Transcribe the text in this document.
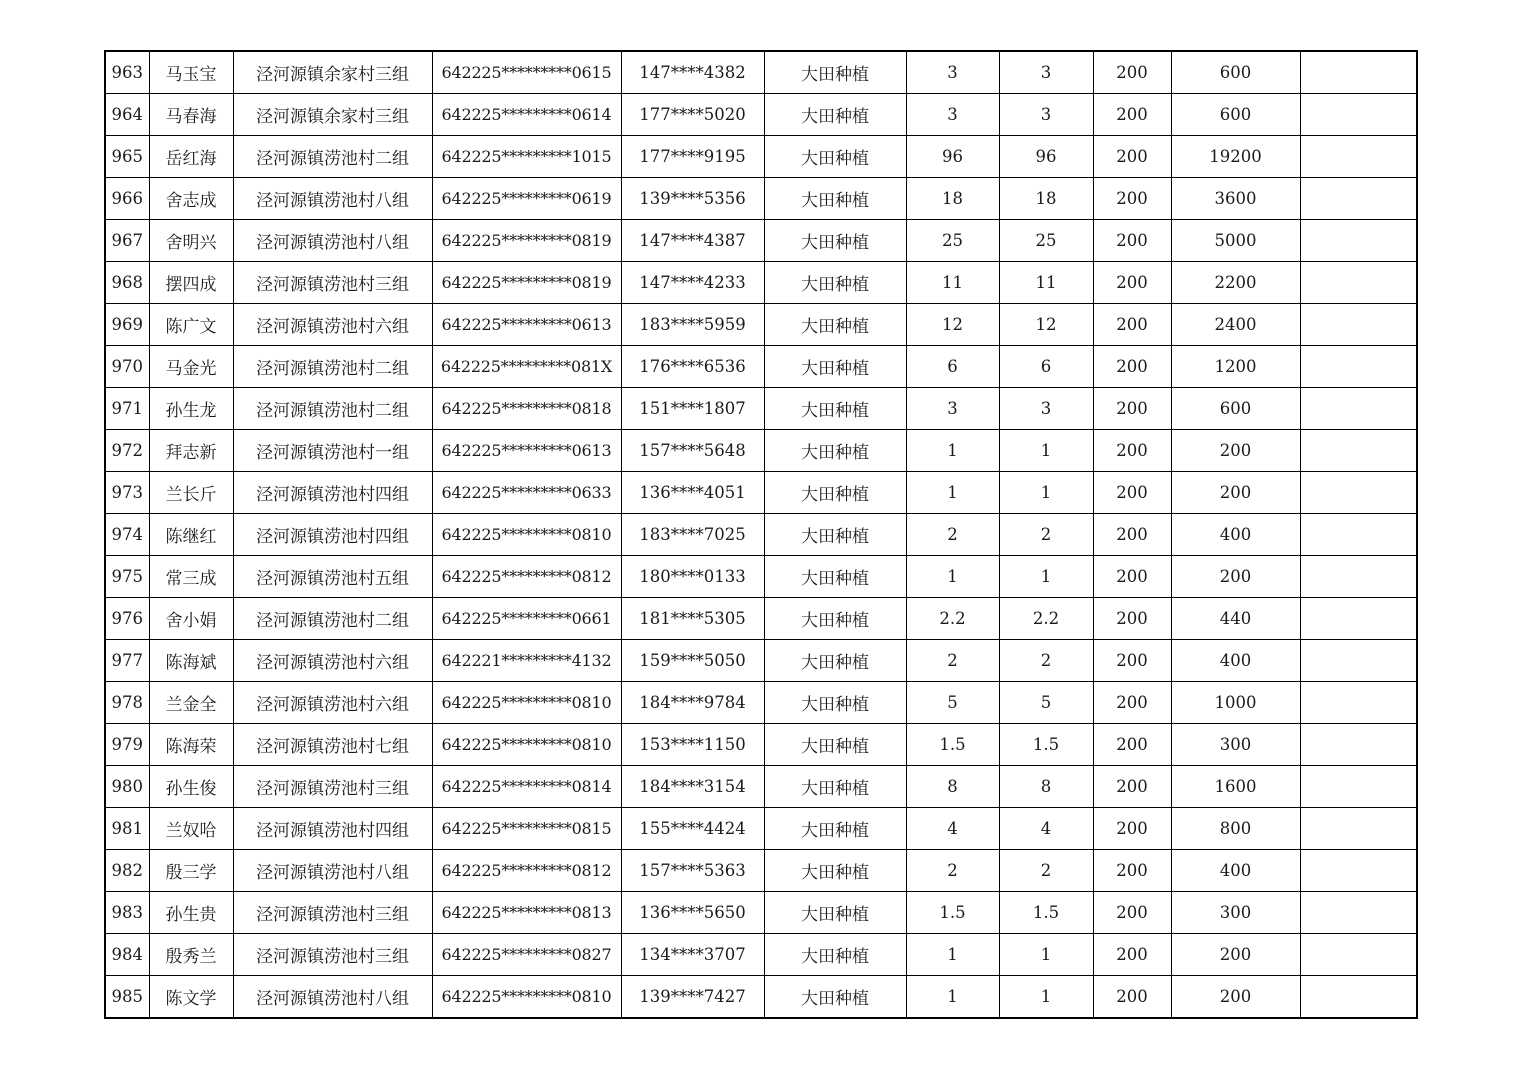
963	马玉宝	泾河源镇余家村三组	642225*********0615	147****4382	大田种植	3	3	200	600	
964	马春海	泾河源镇余家村三组	642225*********0614	177****5020	大田种植	3	3	200	600	
965	岳红海	泾河源镇涝池村二组	642225*********1015	177****9195	大田种植	96	96	200	19200	
966	舍志成	泾河源镇涝池村八组	642225*********0619	139****5356	大田种植	18	18	200	3600	
967	舍明兴	泾河源镇涝池村八组	642225*********0819	147****4387	大田种植	25	25	200	5000	
968	摆四成	泾河源镇涝池村三组	642225*********0819	147****4233	大田种植	11	11	200	2200	
969	陈广文	泾河源镇涝池村六组	642225*********0613	183****5959	大田种植	12	12	200	2400	
970	马金光	泾河源镇涝池村二组	642225*********081X	176****6536	大田种植	6	6	200	1200	
971	孙生龙	泾河源镇涝池村二组	642225*********0818	151****1807	大田种植	3	3	200	600	
972	拜志新	泾河源镇涝池村一组	642225*********0613	157****5648	大田种植	1	1	200	200	
973	兰长斤	泾河源镇涝池村四组	642225*********0633	136****4051	大田种植	1	1	200	200	
974	陈继红	泾河源镇涝池村四组	642225*********0810	183****7025	大田种植	2	2	200	400	
975	常三成	泾河源镇涝池村五组	642225*********0812	180****0133	大田种植	1	1	200	200	
976	舍小娟	泾河源镇涝池村二组	642225*********0661	181****5305	大田种植	2.2	2.2	200	440	
977	陈海斌	泾河源镇涝池村六组	642221*********4132	159****5050	大田种植	2	2	200	400	
978	兰金全	泾河源镇涝池村六组	642225*********0810	184****9784	大田种植	5	5	200	1000	
979	陈海荣	泾河源镇涝池村七组	642225*********0810	153****1150	大田种植	1.5	1.5	200	300	
980	孙生俊	泾河源镇涝池村三组	642225*********0814	184****3154	大田种植	8	8	200	1600	
981	兰奴哈	泾河源镇涝池村四组	642225*********0815	155****4424	大田种植	4	4	200	800	
982	殷三学	泾河源镇涝池村八组	642225*********0812	157****5363	大田种植	2	2	200	400	
983	孙生贵	泾河源镇涝池村三组	642225*********0813	136****5650	大田种植	1.5	1.5	200	300	
984	殷秀兰	泾河源镇涝池村三组	642225*********0827	134****3707	大田种植	1	1	200	200	
985	陈文学	泾河源镇涝池村八组	642225*********0810	139****7427	大田种植	1	1	200	200	
